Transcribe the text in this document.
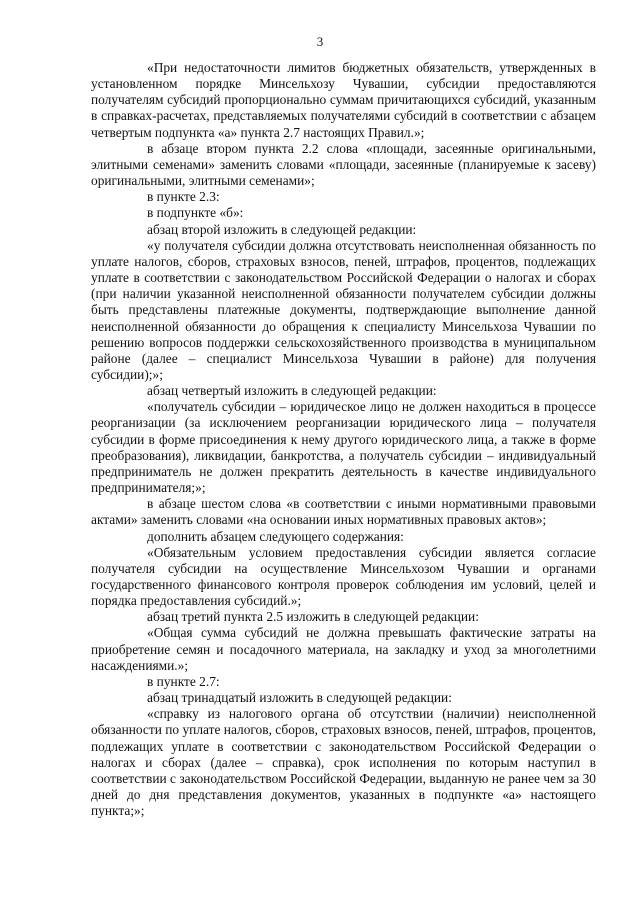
3

«При недостаточности лимитов бюджетных обязательств, утвержденных в установленном порядке Минсельхозу Чувашии, субсидии предоставляются получателям субсидий пропорционально суммам причитающихся субсидий, указанным в справках-расчетах, представляемых получателями субсидий в соответствии с абзацем четвертым подпункта «а» пункта 2.7 настоящих Правил.»;

в абзаце втором пункта 2.2 слова «площади, засеянные оригинальными, элитными семенами» заменить словами «площади, засеянные (планируемые к засеву) оригинальными, элитными семенами»;

в пункте 2.3:

в подпункте «б»:

абзац второй изложить в следующей редакции:

«у получателя субсидии должна отсутствовать неисполненная обязанность по уплате налогов, сборов, страховых взносов, пеней, штрафов, процентов, подлежащих уплате в соответствии с законодательством Российской Федерации о налогах и сборах (при наличии указанной неисполненной обязанности получателем субсидии должны быть представлены платежные документы, подтверждающие выполнение данной неисполненной обязанности до обращения к специалисту Минсельхоза Чувашии по решению вопросов поддержки сельскохозяйственного производства в муниципальном районе (далее – специалист Минсельхоза Чувашии в районе) для получения субсидии);»;

абзац четвертый изложить в следующей редакции:

«получатель субсидии – юридическое лицо не должен находиться в процессе реорганизации (за исключением реорганизации юридического лица – получателя субсидии в форме присоединения к нему другого юридического лица, а также в форме преобразования), ликвидации, банкротства, а получатель субсидии – индивидуальный предприниматель не должен прекратить деятельность в качестве индивидуального предпринимателя;»;

в абзаце шестом слова «в соответствии с иными нормативными правовыми актами» заменить словами «на основании иных нормативных правовых актов»;

дополнить абзацем следующего содержания:

«Обязательным условием предоставления субсидии является согласие получателя субсидии на осуществление Минсельхозом Чувашии и органами государственного финансового контроля проверок соблюдения им условий, целей и порядка предоставления субсидий.»;

абзац третий пункта 2.5 изложить в следующей редакции:

«Общая сумма субсидий не должна превышать фактические затраты на приобретение семян и посадочного материала, на закладку и уход за многолетними насаждениями.»;

в пункте 2.7:

абзац тринадцатый изложить в следующей редакции:

«справку из налогового органа об отсутствии (наличии) неисполненной обязанности по уплате налогов, сборов, страховых взносов, пеней, штрафов, процентов, подлежащих уплате в соответствии с законодательством Российской Федерации о налогах и сборах (далее – справка), срок исполнения по которым наступил в соответствии с законодательством Российской Федерации, выданную не ранее чем за 30 дней до дня представления документов, указанных в подпункте «а» настоящего пункта;»;
